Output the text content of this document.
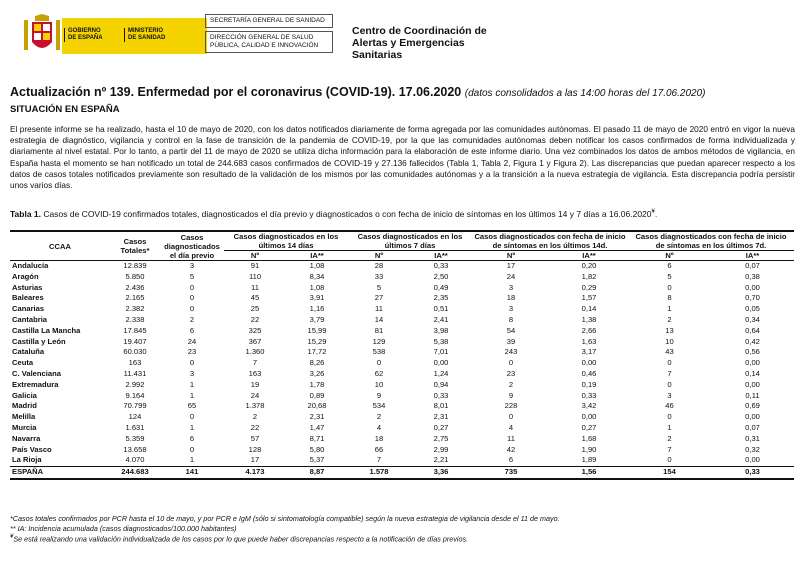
GOBIERNO
DE ESPAÑA
MINISTERIO
DE SANIDAD
SECRETARÍA GENERAL DE SANIDAD
DIRECCIÓN GENERAL DE SALUD PÚBLICA, CALIDAD E INNOVACIÓN
Centro de Coordinación de
Alertas y Emergencias
Sanitarias
Actualización nº 139. Enfermedad por el coronavirus (COVID-19). 17.06.2020 (datos consolidados a las 14:00 horas del 17.06.2020)
SITUACIÓN EN ESPAÑA
El presente informe se ha realizado, hasta el 10 de mayo de 2020, con los datos notificados diariamente de forma agregada por las comunidades autónomas. El pasado 11 de mayo de 2020 entró en vigor la nueva estrategia de diagnóstico, vigilancia y control en la fase de transición de la pandemia de COVID-19, por la que las comunidades autónomas deben notificar los casos confirmados de forma individualizada y diariamente al nivel estatal. Por lo tanto, a partir del 11 de mayo de 2020 se utiliza dicha información para la elaboración de este informe diario. Una vez combinados los datos de ambos métodos de vigilancia, en España hasta el momento se han notificado un total de 244.683 casos confirmados de COVID-19 y 27.136 fallecidos (Tabla 1, Tabla 2, Figura 1 y Figura 2). Las discrepancias que puedan aparecer respecto a los datos de casos totales notificados previamente son resultado de la validación de los mismos por las comunidades autónomas y a la transición a la nueva estrategia de vigilancia. Esta discrepancia podría persistir unos varios días.
Tabla 1. Casos de COVID-19 confirmados totales, diagnosticados el día previo y diagnosticados o con fecha de inicio de síntomas en los últimos 14 y 7 días a 16.06.2020¥.
CCAA	Casos Totales*	Casos diagnosticados el día previo	Casos diagnosticados en los últimos 14 días		Casos diagnosticados en los últimos 7 días		Casos diagnosticados con fecha de inicio de síntomas en los últimos 14d.		Casos diagnosticados con fecha de inicio de síntomas en los últimos 7d.	
			Nº	IA**	Nº	IA**	Nº	IA**	Nº	IA**
Andalucía	12.839	3	91	1,08	28	0,33	17	0,20	6	0,07
Aragón	5.850	5	110	8,34	33	2,50	24	1,82	5	0,38
Asturias	2.436	0	11	1,08	5	0,49	3	0,29	0	0,00
Baleares	2.165	0	45	3,91	27	2,35	18	1,57	8	0,70
Canarias	2.382	0	25	1,16	11	0,51	3	0,14	1	0,05
Cantabria	2.338	2	22	3,79	14	2,41	8	1,38	2	0,34
Castilla La Mancha	17.845	6	325	15,99	81	3,98	54	2,66	13	0,64
Castilla y León	19.407	24	367	15,29	129	5,38	39	1,63	10	0,42
Cataluña	60.030	23	1.360	17,72	538	7,01	243	3,17	43	0,56
Ceuta	163	0	7	8,26	0	0,00	0	0,00	0	0,00
C. Valenciana	11.431	3	163	3,26	62	1,24	23	0,46	7	0,14
Extremadura	2.992	1	19	1,78	10	0,94	2	0,19	0	0,00
Galicia	9.164	1	24	0,89	9	0,33	9	0,33	3	0,11
Madrid	70.799	65	1.378	20,68	534	8,01	228	3,42	46	0,69
Melilla	124	0	2	2,31	2	2,31	0	0,00	0	0,00
Murcia	1.631	1	22	1,47	4	0,27	4	0,27	1	0,07
Navarra	5.359	6	57	8,71	18	2,75	11	1,68	2	0,31
País Vasco	13.658	0	128	5,80	66	2,99	42	1,90	7	0,32
La Rioja	4.070	1	17	5,37	7	2,21	6	1,89	0	0,00
ESPAÑA	244.683	141	4.173	8,87	1.578	3,36	735	1,56	154	0,33
*Casos totales confirmados por PCR hasta el 10 de mayo, y por PCR e IgM (sólo si sintomatología compatible) según la nueva estrategia de vigilancia desde el 11 de mayo.
** IA: Incidencia acumulada (casos diagnosticados/100.000 habitantes)
¥Se está realizando una validación individualizada de los casos por lo que puede haber discrepancias respecto a la notificación de días previos.
